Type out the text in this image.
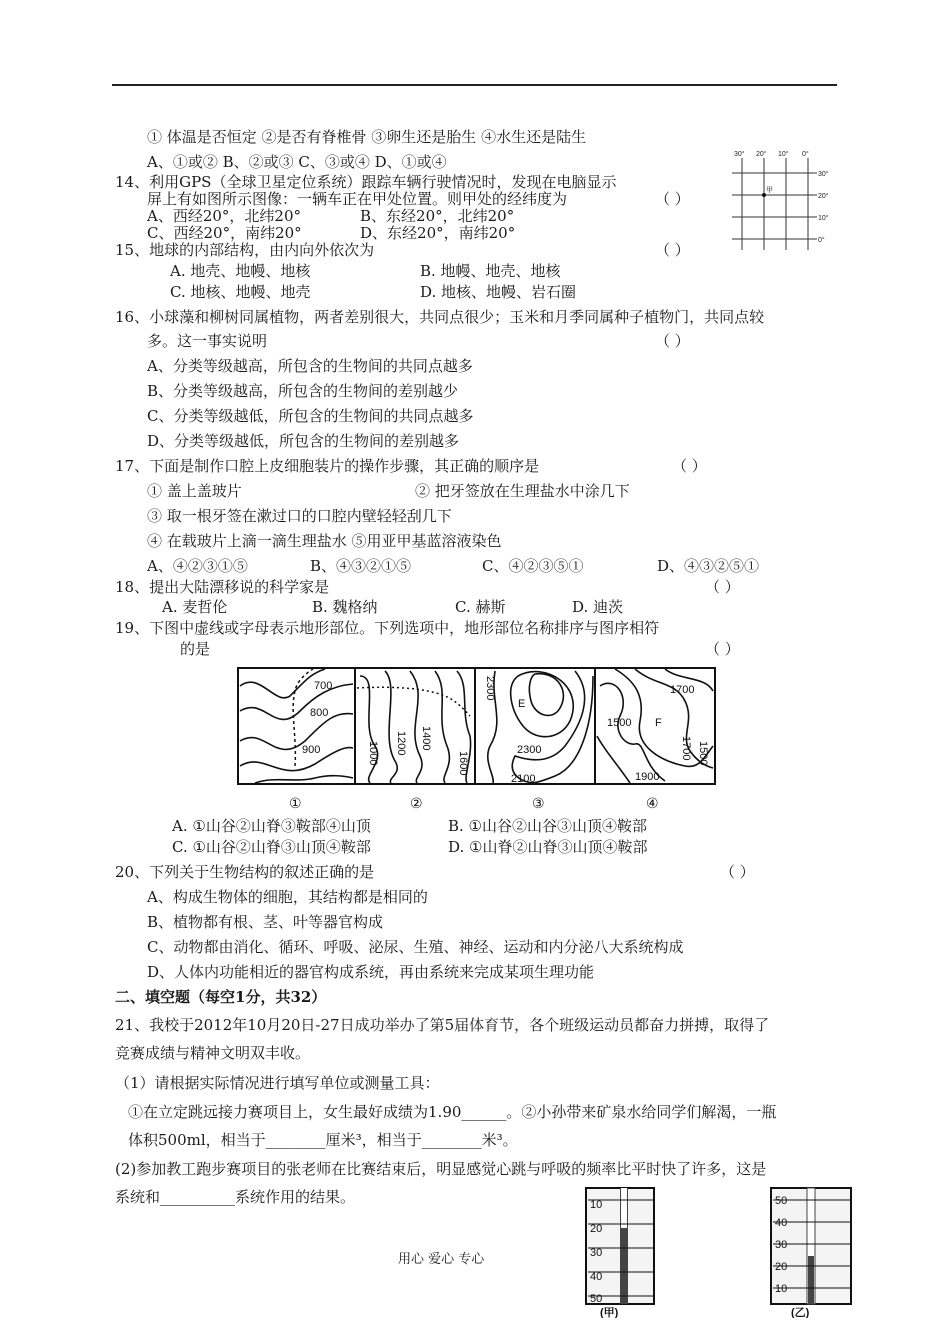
① 体温是否恒定 ②是否有脊椎骨 ③卵生还是胎生 ④水生还是陆生
A、①或② B、②或③ C、③或④ D、①或④	30° 20° 10° 0°
30°
20°
10°
0°
甲
14、利用GPS（全球卫星定位系统）跟踪车辆行驶情况时，发现在电脑显示
屏上有如图所示图像：一辆车正在甲处位置。则甲处的经纬度为	（ ）
A、西经20°，北纬20°	B、东经20°，北纬20°
C、西经20°，南纬20°	D、东经20°，南纬20°
15、地球的内部结构，由内向外依次为	（ ）
A. 地壳、地幔、地核	B. 地幔、地壳、地核
C. 地核、地幔、地壳	D. 地核、地幔、岩石圈
16、小球藻和柳树同属植物，两者差别很大，共同点很少；玉米和月季同属种子植物门，共同点较
多。这一事实说明	（ ）
A、分类等级越高，所包含的生物间的共同点越多
B、分类等级越高，所包含的生物间的差别越少
C、分类等级越低，所包含的生物间的共同点越多
D、分类等级越低，所包含的生物间的差别越多
17、下面是制作口腔上皮细胞装片的操作步骤，其正确的顺序是	（ ）
① 盖上盖玻片	② 把牙签放在生理盐水中涂几下
③ 取一根牙签在漱过口的口腔内壁轻轻刮几下
④ 在载玻片上滴一滴生理盐水 ⑤用亚甲基蓝溶液染色
A、④②③①⑤	B、④③②①⑤	C、④②③⑤①	D、④③②⑤①
18、提出大陆漂移说的科学家是	（ ）
A. 麦哲伦	B. 魏格纳	C. 赫斯	D. 迪茨
19、下图中虚线或字母表示地形部位。下列选项中，地形部位名称排序与图序相符
的是	（ ）
700
800
900	1000 1200 1400
1600
2300
E
2300
2100
1700
1500 F
1700 1500
1900
①	②	③	④
A. ①山谷②山脊③鞍部④山顶	B. ①山谷②山谷③山顶④鞍部
C. ①山谷②山脊③山顶④鞍部	D. ①山脊②山脊③山顶④鞍部
20、下列关于生物结构的叙述正确的是	（ ）
A、构成生物体的细胞，其结构都是相同的
B、植物都有根、茎、叶等器官构成
C、动物都由消化、循环、呼吸、泌尿、生殖、神经、运动和内分泌八大系统构成
D、人体内功能相近的器官构成系统，再由系统来完成某项生理功能
二、填空题（每空1分，共32）
21、我校于2012年10月20日-27日成功举办了第5届体育节，各个班级运动员都奋力拼搏，取得了
竞赛成绩与精神文明双丰收。
（1）请根据实际情况进行填写单位或测量工具：
①在立定跳远接力赛项目上，女生最好成绩为1.90______。②小孙带来矿泉水给同学们解渴，一瓶
体积500ml，相当于________厘米³，相当于________米³。
(2)参加教工跑步赛项目的张老师在比赛结束后，明显感觉心跳与呼吸的频率比平时快了许多，这是
系统和__________系统作用的结果。	10
20
30
40
50
(甲)
50
40
30
20
10
(乙)
用心 爱心 专心
